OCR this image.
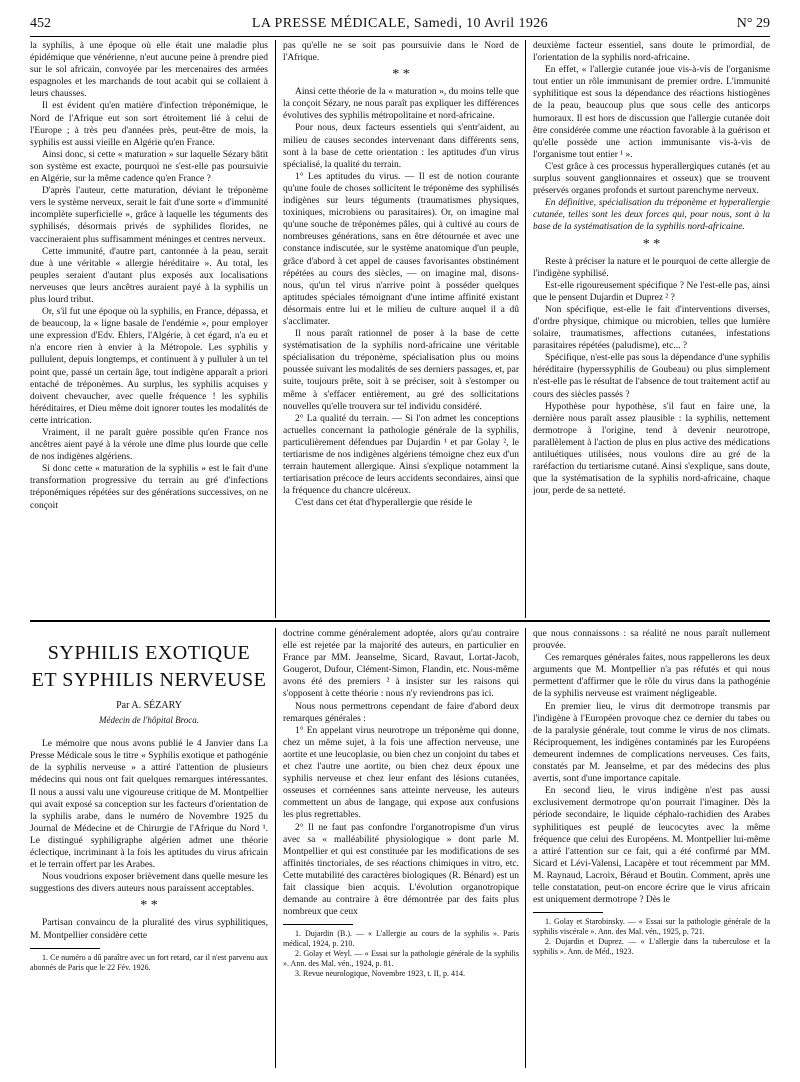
452	LA PRESSE MÉDICALE, Samedi, 10 Avril 1926	N° 29

la syphilis, à une époque où elle était une maladie plus épidémique que vénérienne, n'eut aucune peine à prendre pied sur le sol africain, convoyée par les mercenaires des armées espagnoles et les marchands de tout acabit qui se collaient à leurs chausses.

Il est évident qu'en matière d'infection tréponémique, le Nord de l'Afrique eut son sort étroitement lié à celui de l'Europe ; à très peu d'années près, peut-être de mois, la syphilis est aussi vieille en Algérie qu'en France.

Ainsi donc, si cette « maturation » sur laquelle Sézary bâtit son système est exacte, pourquoi ne s'est-elle pas poursuivie en Algérie, sur la même cadence qu'en France ?

D'après l'auteur, cette maturation, déviant le tréponème vers le système nerveux, serait le fait d'une sorte « d'immunité incomplète superficielle », grâce à laquelle les téguments des syphilisés, désormais privés de syphilides florides, ne vaccineraient plus suffisamment méninges et centres nerveux.

Cette immunité, d'autre part, cantonnée à la peau, serait due à une véritable « allergie héréditaire ». Au total, les peuples seraient d'autant plus exposés aux localisations nerveuses que leurs ancêtres auraient payé à la syphilis un plus lourd tribut.

Or, s'il fut une époque où la syphilis, en France, dépassa, et de beaucoup, la « ligne basale de l'endémie », pour employer une expression d'Edv. Ehlers, l'Algérie, à cet égard, n'a eu et n'a encore rien à envier à la Métropole. Les syphilis y pullulent, depuis longtemps, et continuent à y pulluler à un tel point que, passé un certain âge, tout indigène apparaît a priori entaché de tréponèmes. Au surplus, les syphilis acquises y doivent chevaucher, avec quelle fréquence ! les syphilis héréditaires, et Dieu même doit ignorer toutes les modalités de cette intrication.

Vraiment, il ne paraît guère possible qu'en France nos ancêtres aient payé à la vérole une dîme plus lourde que celle de nos indigènes algériens.

Si donc cette « maturation de la syphilis » est le fait d'une transformation progressive du terrain au gré d'infections tréponémiques répétées sur des générations successives, on ne conçoit

pas qu'elle ne se soit pas poursuivie dans le Nord de l'Afrique.

* *

Ainsi cette théorie de la « maturation », du moins telle que la conçoit Sézary, ne nous paraît pas expliquer les différences évolutives des syphilis métropolitaine et nord-africaine.

Pour nous, deux facteurs essentiels qui s'entr'aident, au milieu de causes secondes intervenant dans différents sens, sont à la base de cette orientation : les aptitudes d'un virus spécialisé, la qualité du terrain.

1° Les aptitudes du virus. — Il est de notion courante qu'une foule de choses sollicitent le tréponème des syphilisés indigènes sur leurs téguments (traumatismes physiques, toxiniques, microbiens ou parasitaires). Or, on imagine mal qu'une souche de tréponèmes pâles, qui à cultivé au cours de nombreuses générations, sans en être détournée et avec une constance indiscutée, sur le système anatomique d'un peuple, grâce d'abord à cet appel de causes favorisantes obstinément répétées au cours des siècles, — on imagine mal, disons-nous, qu'un tel virus n'arrive point à posséder quelques aptitudes spéciales témoignant d'une intime affinité existant désormais entre lui et le milieu de culture auquel il a dû s'acclimater.

Il nous paraît rationnel de poser à la base de cette systématisation de la syphilis nord-africaine une véritable spécialisation du tréponème, spécialisation plus ou moins poussée suivant les modalités de ses derniers passages, et, par suite, toujours prête, soit à se préciser, soit à s'estomper ou même à s'effacer entièrement, au gré des sollicitations nouvelles qu'elle trouvera sur tel individu considéré.

2° La qualité du terrain. — Si l'on admet les conceptions actuelles concernant la pathologie générale de la syphilis, particulièrement défendues par Dujardin ¹ et par Golay ², le tertiarisme de nos indigènes algériens témoigne chez eux d'un terrain hautement allergique. Ainsi s'explique notamment la tertiarisation précoce de leurs accidents secondaires, ainsi que la fréquence du chancre ulcéreux.

C'est dans cet état d'hyperallergie que réside le

deuxième facteur essentiel, sans doute le primordial, de l'orientation de la syphilis nord-africaine.

En effet, « l'allergie cutanée joue vis-à-vis de l'organisme tout entier un rôle immunisant de premier ordre. L'immunité syphilitique est sous la dépendance des réactions histiogènes de la peau, beaucoup plus que sous celle des anticorps humoraux. Il est hors de discussion que l'allergie cutanée doit être considérée comme une réaction favorable à la guérison et qu'elle possède une action immunisante vis-à-vis de l'organisme tout entier ¹ ».

C'est grâce à ces processus hyperallergiques cutanés (et au surplus souvent ganglionnaires et osseux) que se trouvent préservés organes profonds et surtout parenchyme nerveux.

En définitive, spécialisation du tréponème et hyperallergie cutanée, telles sont les deux forces qui, pour nous, sont à la base de la systématisation de la syphilis nord-africaine.

* *

Reste à préciser la nature et le pourquoi de cette allergie de l'indigène syphilisé.

Est-elle rigoureusement spécifique ? Ne l'est-elle pas, ainsi que le pensent Dujardin et Duprez ² ?

Non spécifique, est-elle le fait d'interventions diverses, d'ordre physique, chimique ou microbien, telles que lumière solaire, traumatismes, affections cutanées, infestations parasitaires répétées (paludisme), etc... ?

Spécifique, n'est-elle pas sous la dépendance d'une syphilis héréditaire (hyperssyphilis de Goubeau) ou plus simplement n'est-elle pas le résultat de l'absence de tout traitement actif au cours des siècles passés ?

Hypothèse pour hypothèse, s'il faut en faire une, la dernière nous paraît assez plausible : la syphilis, nettement dermotrope à l'origine, tend à devenir neurotrope, parallèlement à l'action de plus en plus active des médications antiluétiques utilisées, nous voulons dire au gré de la raréfaction du tertiarisme cutané. Ainsi s'explique, sans doute, que la systématisation de la syphilis nord-africaine, chaque jour, perde de sa netteté.

SYPHILIS EXOTIQUE
ET SYPHILIS NERVEUSE
Par A. SÉZARY
Médecin de l'hôpital Broca.

Le mémoire que nous avons publié le 4 Janvier dans La Presse Médicale sous le titre « Syphilis exotique et pathogénie de la syphilis nerveuse » a attiré l'attention de plusieurs médecins qui nous ont fait quelques remarques intéressantes. Il nous a aussi valu une vigoureuse critique de M. Montpellier qui avait exposé sa conception sur les facteurs d'orientation de la syphilis arabe, dans le numéro de Novembre 1925 du Journal de Médecine et de Chirurgie de l'Afrique du Nord ¹. Le distingué syphiligraphe algérien admet une théorie éclectique, incriminant à la fois les aptitudes du virus africain et le terrain offert par les Arabes.

Nous voudrions exposer brièvement dans quelle mesure les suggestions des divers auteurs nous paraissent acceptables.

* *

Partisan convaincu de la pluralité des virus syphilitiques, M. Montpellier considère cette

1. Ce numéro a dû paraître avec un fort retard, car il n'est parvenu aux abonnés de Paris que le 22 Fév. 1926.

doctrine comme généralement adoptée, alors qu'au contraire elle est rejetée par la majorité des auteurs, en particulier en France par MM. Jeanselme, Sicard, Ravaut, Lortat-Jacob, Gougerot, Dufour, Clément-Simon, Flandin, etc. Nous-même avons été des premiers ² à insister sur les raisons qui s'opposent à cette théorie : nous n'y reviendrons pas ici.

Nous nous permettrons cependant de faire d'abord deux remarques générales :

1° En appelant virus neurotrope un tréponème qui donne, chez un même sujet, à la fois une affection nerveuse, une aortite et une leucoplasie, ou bien chez un conjoint du tabes et et chez l'autre une aortite, ou bien chez deux époux une syphilis nerveuse et chez leur enfant des lésions cutanées, osseuses et cornéennes sans atteinte nerveuse, les auteurs commettent un abus de langage, qui expose aux confusions les plus regrettables.

2° Il ne faut pas confondre l'organotropisme d'un virus avec sa « malléabilité physiologique » dont parle M. Montpellier et qui est constituée par les modifications de ses affinités tinctoriales, de ses réactions chimiques in vitro, etc. Cette mutabilité des caractères biologiques (R. Bénard) est un fait classique bien acquis. L'évolution organotropique demande au contraire à être démontrée par des faits plus nombreux que ceux

1. Dujardin (B.). — « L'allergie au cours de la syphilis ». Paris médical, 1924, p. 210.

2. Golay et Weyl. — « Essai sur la pathologie générale de la syphilis ». Ann. des Mal. vén., 1924, p. 81.

3. Revue neurologique, Novembre 1923, t. II, p. 414.

que nous connaissons : sa réalité ne nous paraît nullement prouvée.

Ces remarques générales faites, nous rappellerons les deux arguments que M. Montpellier n'a pas réfutés et qui nous permettent d'affirmer que le rôle du virus dans la pathogénie de la syphilis nerveuse est vraiment négligeable.

En premier lieu, le virus dit dermotrope transmis par l'indigène à l'Européen provoque chez ce dernier du tabes ou de la paralysie générale, tout comme le virus de nos climats. Réciproquement, les indigènes contaminés par les Européens demeurent indemnes de complications nerveuses. Ces faits, constatés par M. Jeanselme, et par des médecins des plus avertis, sont d'une importance capitale.

En second lieu, le virus indigène n'est pas aussi exclusivement dermotrope qu'on pourrait l'imaginer. Dès la période secondaire, le liquide céphalo-rachidien des Arabes syphilitiques est peuplé de leucocytes avec la même fréquence que celui des Européens. M. Montpellier lui-même a attiré l'attention sur ce fait, qui a été confirmé par MM. Sicard et Lévi-Valensi, Lacapère et tout récemment par MM. M. Raynaud, Lacroix, Béraud et Boutin. Comment, après une telle constatation, peut-on encore écrire que le virus africain est uniquement dermotrope ? Dès le

1. Golay et Starobinsky. — « Essai sur la pathologie générale de la syphilis viscérale ». Ann. des Mal. vén., 1925, p. 721.

2. Dujardin et Duprez. — « L'allergie dans la tuberculose et la syphilis ». Ann. de Méd., 1923.
